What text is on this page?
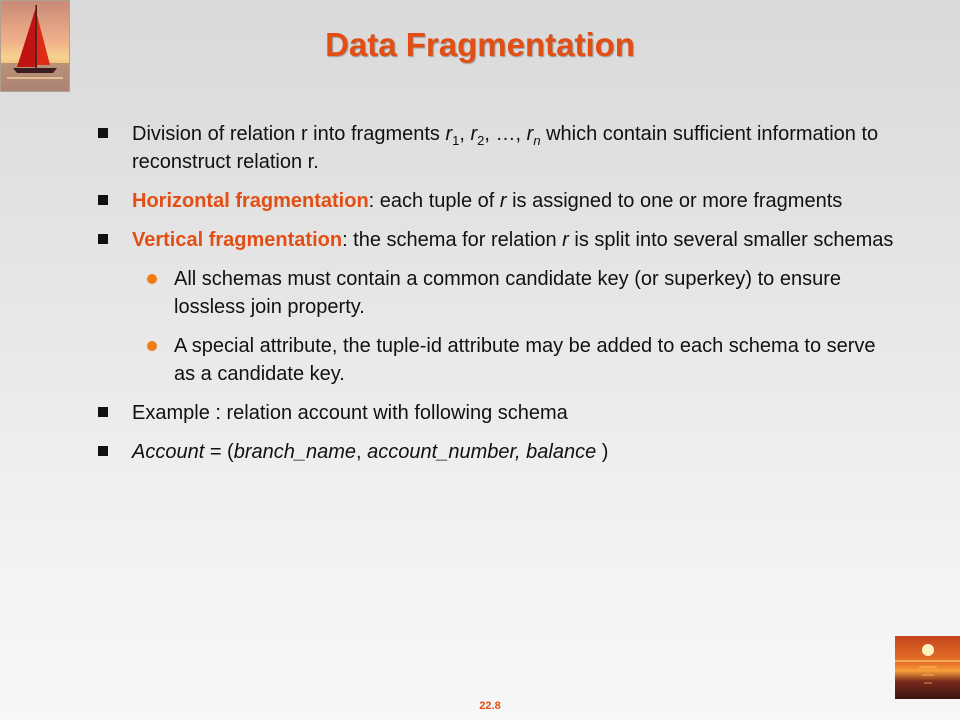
Data Fragmentation
Division of relation r into fragments $r_1$, $r_2$, …, $r_n$ which contain sufficient information to reconstruct relation r.
Horizontal fragmentation: each tuple of r is assigned to one or more fragments
Vertical fragmentation: the schema for relation r is split into several smaller schemas
All schemas must contain a common candidate key (or superkey) to ensure lossless join property.
A special attribute, the tuple-id attribute may be added to each schema to serve as a candidate key.
Example : relation account with following schema
Account = (branch_name, account_number, balance )
22.8
